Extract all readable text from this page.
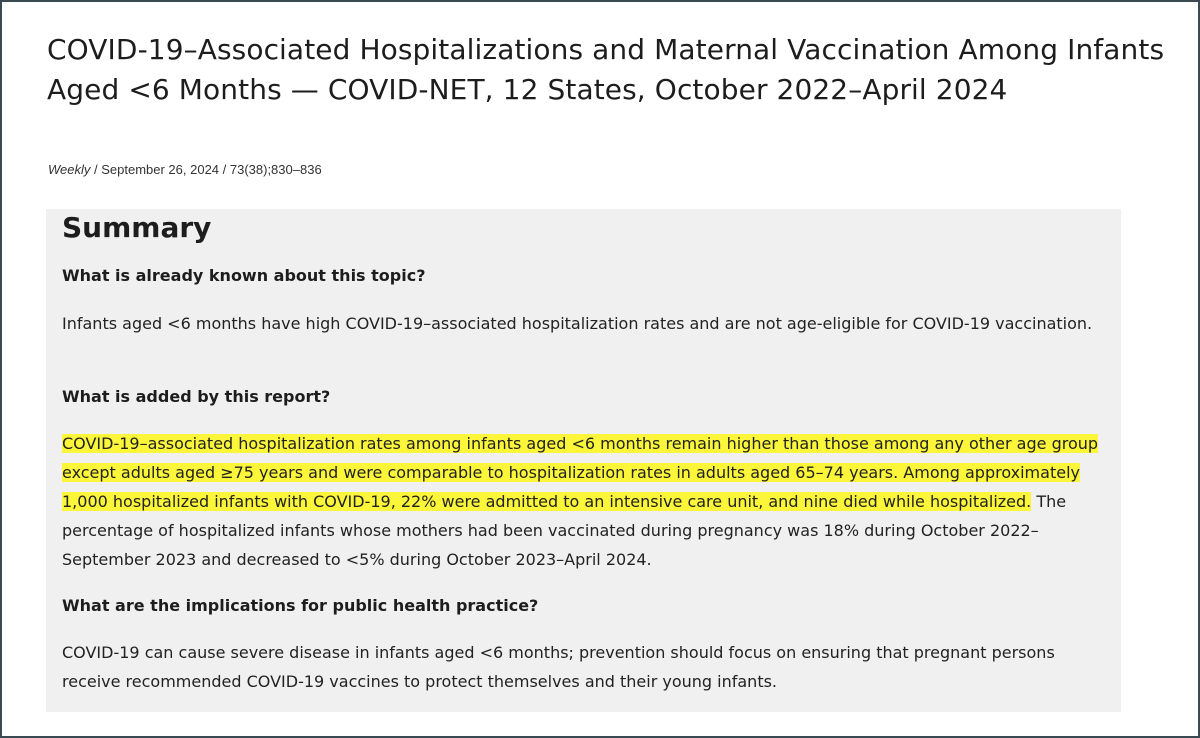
COVID-19–Associated Hospitalizations and Maternal Vaccination Among Infants Aged <6 Months — COVID-NET, 12 States, October 2022–April 2024
Weekly / September 26, 2024 / 73(38);830–836
Summary

What is already known about this topic?

Infants aged <6 months have high COVID-19–associated hospitalization rates and are not age-eligible for COVID-19 vaccination.

What is added by this report?

COVID-19–associated hospitalization rates among infants aged <6 months remain higher than those among any other age group except adults aged ≥75 years and were comparable to hospitalization rates in adults aged 65–74 years. Among approximately 1,000 hospitalized infants with COVID-19, 22% were admitted to an intensive care unit, and nine died while hospitalized. The percentage of hospitalized infants whose mothers had been vaccinated during pregnancy was 18% during October 2022–September 2023 and decreased to <5% during October 2023–April 2024.

What are the implications for public health practice?

COVID-19 can cause severe disease in infants aged <6 months; prevention should focus on ensuring that pregnant persons receive recommended COVID-19 vaccines to protect themselves and their young infants.
